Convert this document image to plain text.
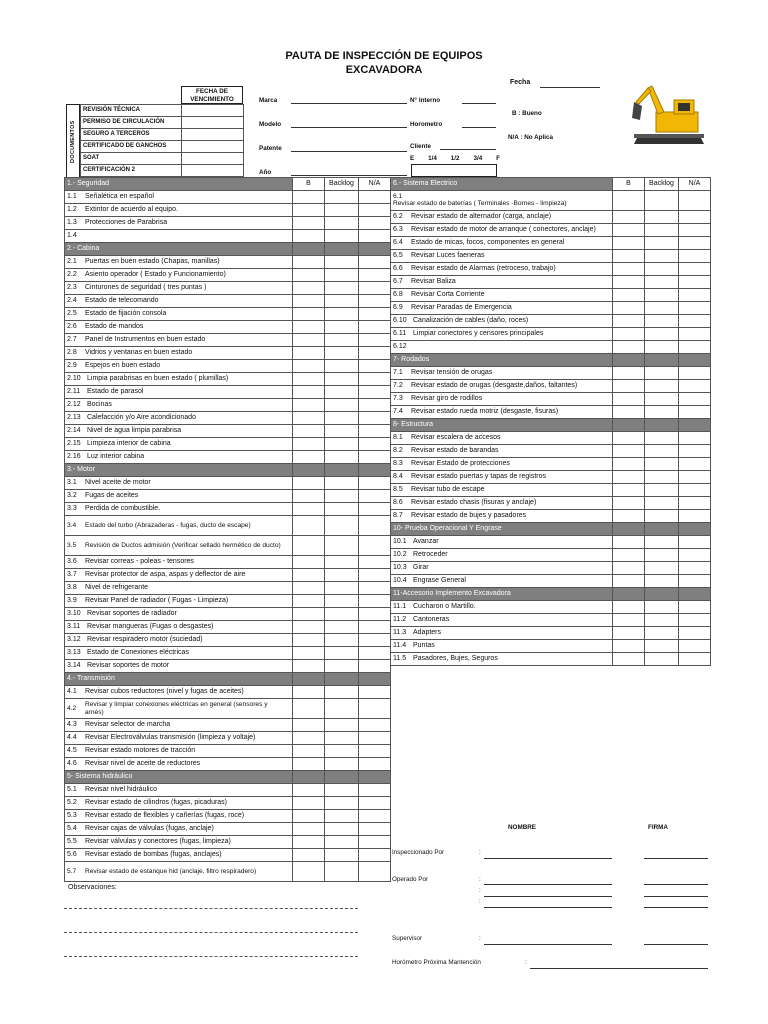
PAUTA DE INSPECCIÓN DE EQUIPOS
EXCAVADORA
Fecha
DOCUMENTOS
FECHA DE VENCIMIENTO
REVISIÓN TÉCNICA	
PERMISO DE CIRCULACIÓN	
SEGURO A TERCEROS	
CERTIFICADO DE GANCHOS	
SOAT	
CERTIFICACIÓN 2	
Marca
Modelo
Patente
Año
N° Interno
Horometro
Cliente
E 1/4 1/2 3/4 F
B : Bueno
N/A : No Aplica
1.- Seguridad	B	Backlog	N/A
1.1 Señalética en español			
1.2 Extintor de acuerdo al equipo.			
1.3 Protecciones de Parabrisa			
1.4			
2.- Cabina			
2.1 Puertas en buen estado (Chapas, manillas)			
2.2 Asiento operador ( Estado y Funcionamiento)			
2.3 Cinturones de seguridad ( tres puntas )			
2.4 Estado de telecomando			
2.5 Estado de fijación consola			
2.6 Estado de mandos			
2.7 Panel de Instrumentos en buen estado			
2.8 Vidrios y ventanas en buen estado			
2.9 Espejos en buen estado			
2.10 Limpia parabrisas en buen estado ( plumillas)			
2.11 Estado de parasol			
2.12 Bocinas			
2.13 Calefacción y/o Aire acondicionado			
2.14 Nivel de agua limpia parabrisa			
2.15 Limpieza interior de cabina			
2.16 Luz interior cabina			
3.- Motor			
3.1 Nivel aceite de motor			
3.2 Fugas de aceites			
3.3 Perdida de combustible.			
3.4 Estado del turbo (Abrazaderas - fugas, ducto de escape)			
3.5 Revisión de Ductos admisión (Verificar sellado hermético de ducto)			
3.6 Revisar correas - poleas - tensores			
3.7 Revisar protector de aspa, aspas y deflector de aire			
3.8 Nivel de refrigerante			
3.9 Revisar Panel de radiador ( Fugas - Limpieza)			
3.10 Revisar soportes de radiador			
3.11 Revisar mangueras (Fugas o desgastes)			
3.12 Revisar respiradero motor (suciedad)			
3.13 Estado de Conexiones eléctricas			
3.14 Revisar soportes de motor			
4.- Transmisión			
4.1 Revisar cubos reductores (nivel y fugas de aceites)			
4.2Revisar y limpiar conexiones eléctricas en general (sensores y arnés)			
4.3 Revisar selector de marcha			
4.4 Revisar Electroválvulas transmisión (limpieza y voltaje)			
4.5 Revisar estado motores de tracción			
4.6 Revisar nivel de aceite de reductores			
5- Sistema hidráulico			
5.1 Revisar nivel hidráulico			
5.2 Revisar estado de cilindros (fugas, picaduras)			
5.3 Revisar estado de flexibles y cañerías (fugas, roce)			
5.4 Revisar cajas de válvulas (fugas, anclaje)			
5.5 Revisar válvulas y conectores (fugas, limpieza)			
5.6 Revisar estado de bombas (fugas, anclajes)			
5.7 Revisar estado de estanque hid (anclaje, filtro respiradero)			
6.- Sistema Electrico	B	Backlog	N/A
6.1Revisar estado de baterías ( Terminales -Bornes - limpieza)			
6.2 Revisar estado de alternador (carga, anclaje)			
6.3 Revisar estado de motor de arranque ( conectores, anclaje)			
6.4 Estado de micas, focos, componentes en general			
6.5 Revisar Luces faeneras			
6.6 Revisar estado de Alarmas (retroceso, trabajo)			
6.7 Revisar Baliza			
6.8 Revisar Corta Corriente			
6.9 Revisar Paradas de Emergencia			
6.10 Canalización de cables (daño, roces)			
6.11 Limpiar conectores y censores principales			
6.12			
7- Rodados			
7.1 Revisar tensión de orugas			
7.2 Revisar estado de orugas (desgaste,daños, faltantes)			
7.3 Revisar giro de rodillos			
7.4 Revisar estado rueda motriz (desgaste, fisuras)			
8- Estructura			
8.1 Revisar escalera de accesos			
8.2 Revisar estado de barandas			
8.3 Revisar Estado de protecciones			
8.4 Revisar estado puertas y tapas de registros			
8.5 Revisar tubo de escape			
8.6 Revisar estado chasis (fisuras y anclaje)			
8.7 Revisar estado de bujes y pasadores			
10- Prueba Operacional Y Engrase			
10.1 Avanzar			
10.2 Retroceder			
10.3 Girar			
10.4 Engrase General			
11-Accesorio Implemento Excavadora			
11.1 Cucharon o Martillo.			
11.2 Cantoneras			
11.3 Adapters			
11.4 Puntas			
11.5 Pasadores, Bujes, Seguros			
NOMBRE	FIRMA
Inspeccionado Por	:
Operado Por	:
:
:
Supervisor	:
Horómetro Próxima Mantención	:
Observaciones:
